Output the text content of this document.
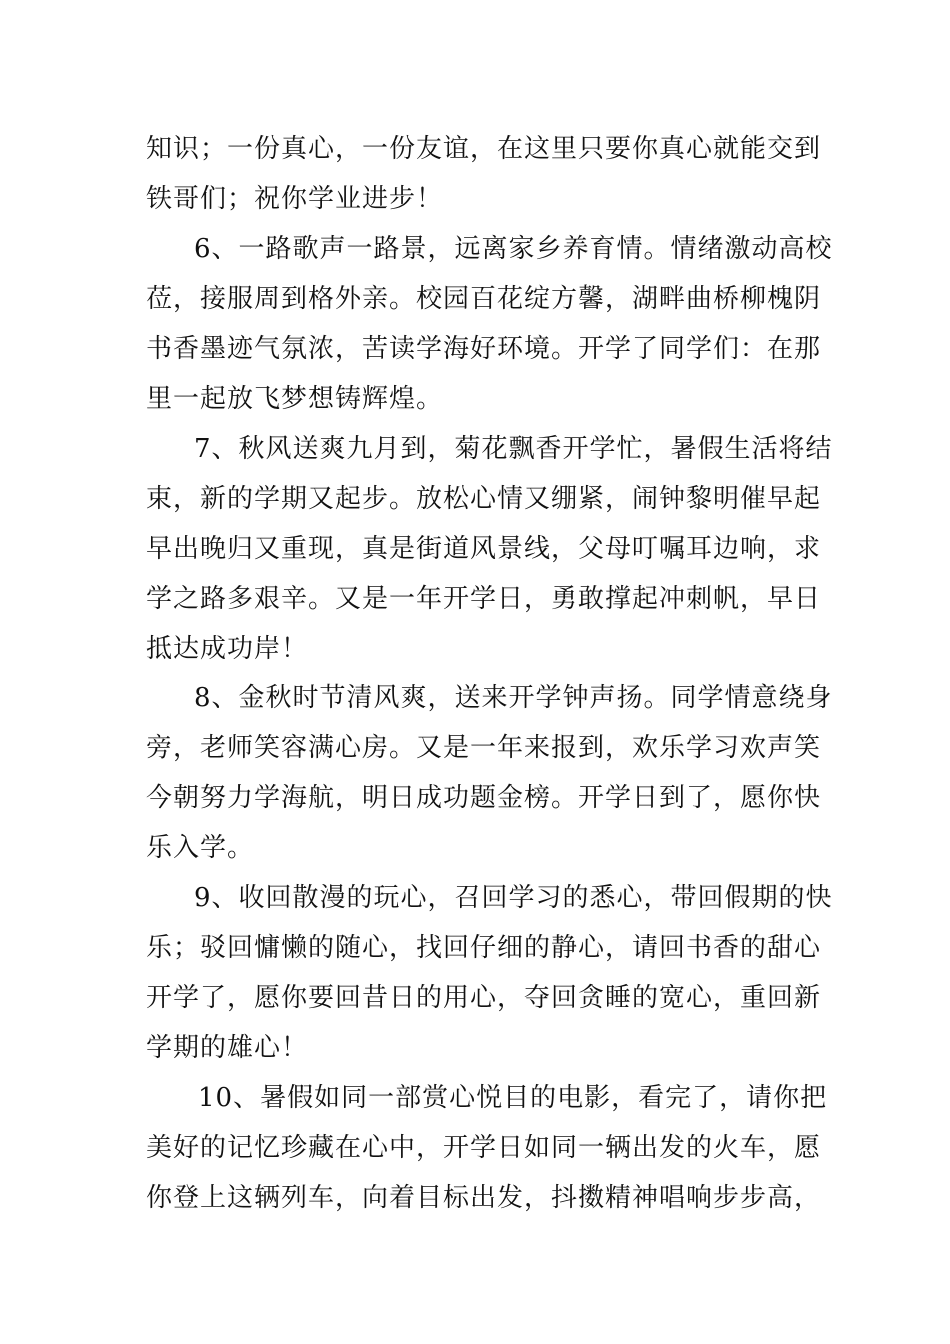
知识；一份真心，一份友谊，在这里只要你真心就能交到
铁哥们；祝你学业进步！
6、一路歌声一路景，远离家乡养育情。情绪激动高校
莅，接服周到格外亲。校园百花绽方馨，湖畔曲桥柳槐阴
书香墨迹气氛浓，苦读学海好环境。开学了同学们：在那
里一起放飞梦想铸辉煌。
7、秋风送爽九月到，菊花飘香开学忙，暑假生活将结
束，新的学期又起步。放松心情又绷紧，闹钟黎明催早起
早出晚归又重现，真是街道风景线，父母叮嘱耳边响，求
学之路多艰辛。又是一年开学日，勇敢撑起冲刺帆，早日
抵达成功岸！
8、金秋时节清风爽，送来开学钟声扬。同学情意绕身
旁，老师笑容满心房。又是一年来报到，欢乐学习欢声笑
今朝努力学海航，明日成功题金榜。开学日到了，愿你快
乐入学。
9、收回散漫的玩心，召回学习的悉心，带回假期的快
乐；驳回慵懒的随心，找回仔细的静心，请回书香的甜心
开学了，愿你要回昔日的用心，夺回贪睡的宽心，重回新
学期的雄心！
10、暑假如同一部赏心悦目的电影，看完了，请你把
美好的记忆珍藏在心中，开学日如同一辆出发的火车，愿
你登上这辆列车，向着目标出发，抖擞精神唱响步步高，
